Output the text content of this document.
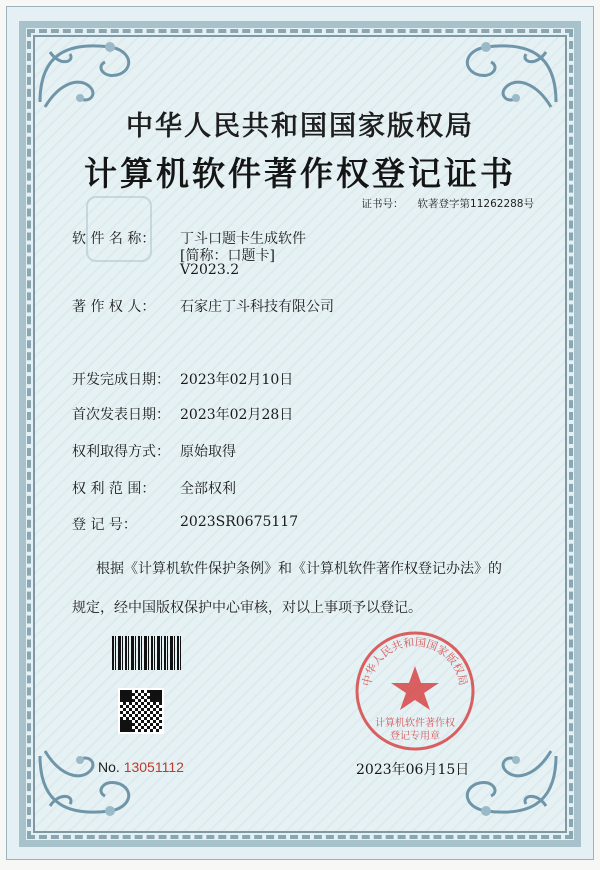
中华人民共和国国家版权局
计算机软件著作权登记证书
证书号： 软著登字第11262288号
软 件 名 称：	丁斗口题卡生成软件
[简称：口题卡]
V2023.2
著 作 权 人： 石家庄丁斗科技有限公司
开发完成日期： 2023年02月10日
首次发表日期： 2023年02月28日
权利取得方式： 原始取得
权 利 范 围： 全部权利
登 记 号：	2023SR0675117
根据《计算机软件保护条例》和《计算机软件著作权登记办法》的
规定，经中国版权保护中心审核，对以上事项予以登记。
No. 13051112
中华人民共和国国家版权局
计算机软件著作权
登记专用章
2023年06月15日
